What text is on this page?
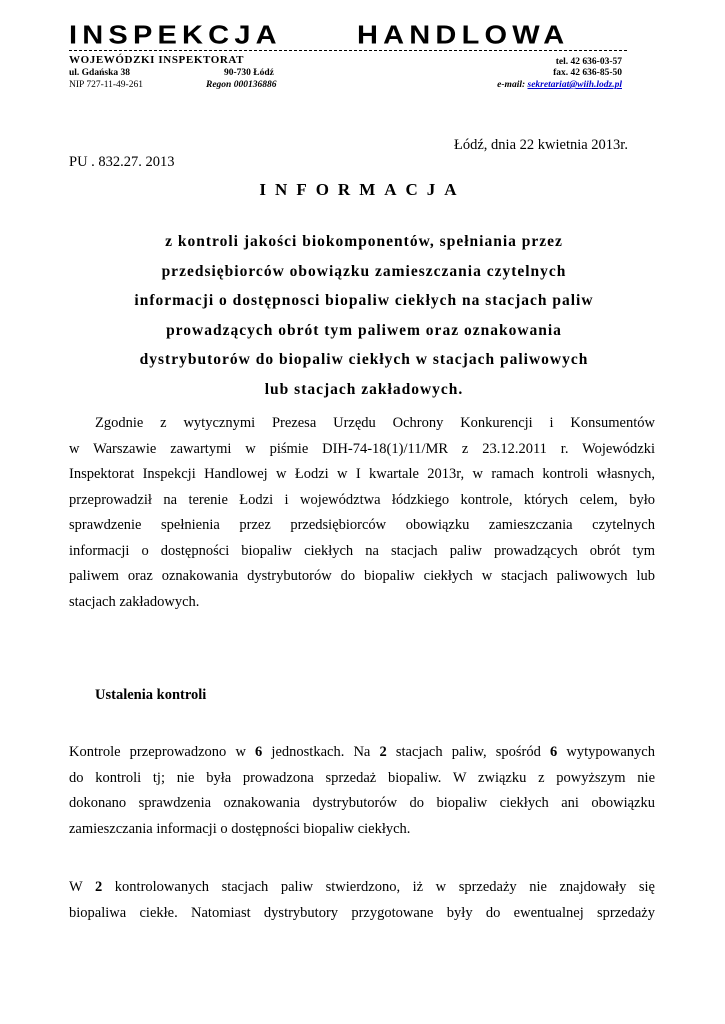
INSPEKCJA	HANDLOWA
WOJEWÓDZKI INSPEKTORAT
ul. Gdańska 38	90-730 Łódź
NIP 727-11-49-261	Regon 000136886
tel. 42 636-03-57
fax. 42 636-85-50
e-mail: sekretariat@wiih.lodz.pl
Łódź, dnia 22 kwietnia 2013r.
PU . 832.27. 2013
INFORMACJA
z kontroli jakości biokomponentów, spełniania przez
przedsiębiorców obowiązku zamieszczania czytelnych
informacji o dostępnosci biopaliw ciekłych na stacjach paliw
prowadzących obrót tym paliwem oraz oznakowania
dystrybutorów do biopaliw ciekłych w stacjach paliwowych
lub stacjach zakładowych.
Zgodnie z wytycznymi Prezesa Urzędu Ochrony Konkurencji i Konsumentów
w Warszawie zawartymi w piśmie DIH-74-18(1)/11/MR z 23.12.2011 r. Wojewódzki
Inspektorat Inspekcji Handlowej w Łodzi w I kwartale 2013r, w ramach kontroli własnych,
przeprowadził na terenie Łodzi i województwa łódzkiego kontrole, których celem, było
sprawdzenie spełnienia przez przedsiębiorców obowiązku zamieszczania czytelnych
informacji o dostępności biopaliw ciekłych na stacjach paliw prowadzących obrót tym
paliwem oraz oznakowania dystrybutorów do biopaliw ciekłych w stacjach paliwowych lub
stacjach zakładowych.
Ustalenia kontroli
Kontrole przeprowadzono w 6 jednostkach. Na 2 stacjach paliw, spośród 6 wytypowanych
do kontroli tj; nie była prowadzona sprzedaż biopaliw. W związku z powyższym nie
dokonano sprawdzenia oznakowania dystrybutorów do biopaliw ciekłych ani obowiązku
zamieszczania informacji o dostępności biopaliw ciekłych.
W 2 kontrolowanych stacjach paliw stwierdzono, iż w sprzedaży nie znajdowały się
biopaliwa ciekłe. Natomiast dystrybutory przygotowane były do ewentualnej sprzedaży
